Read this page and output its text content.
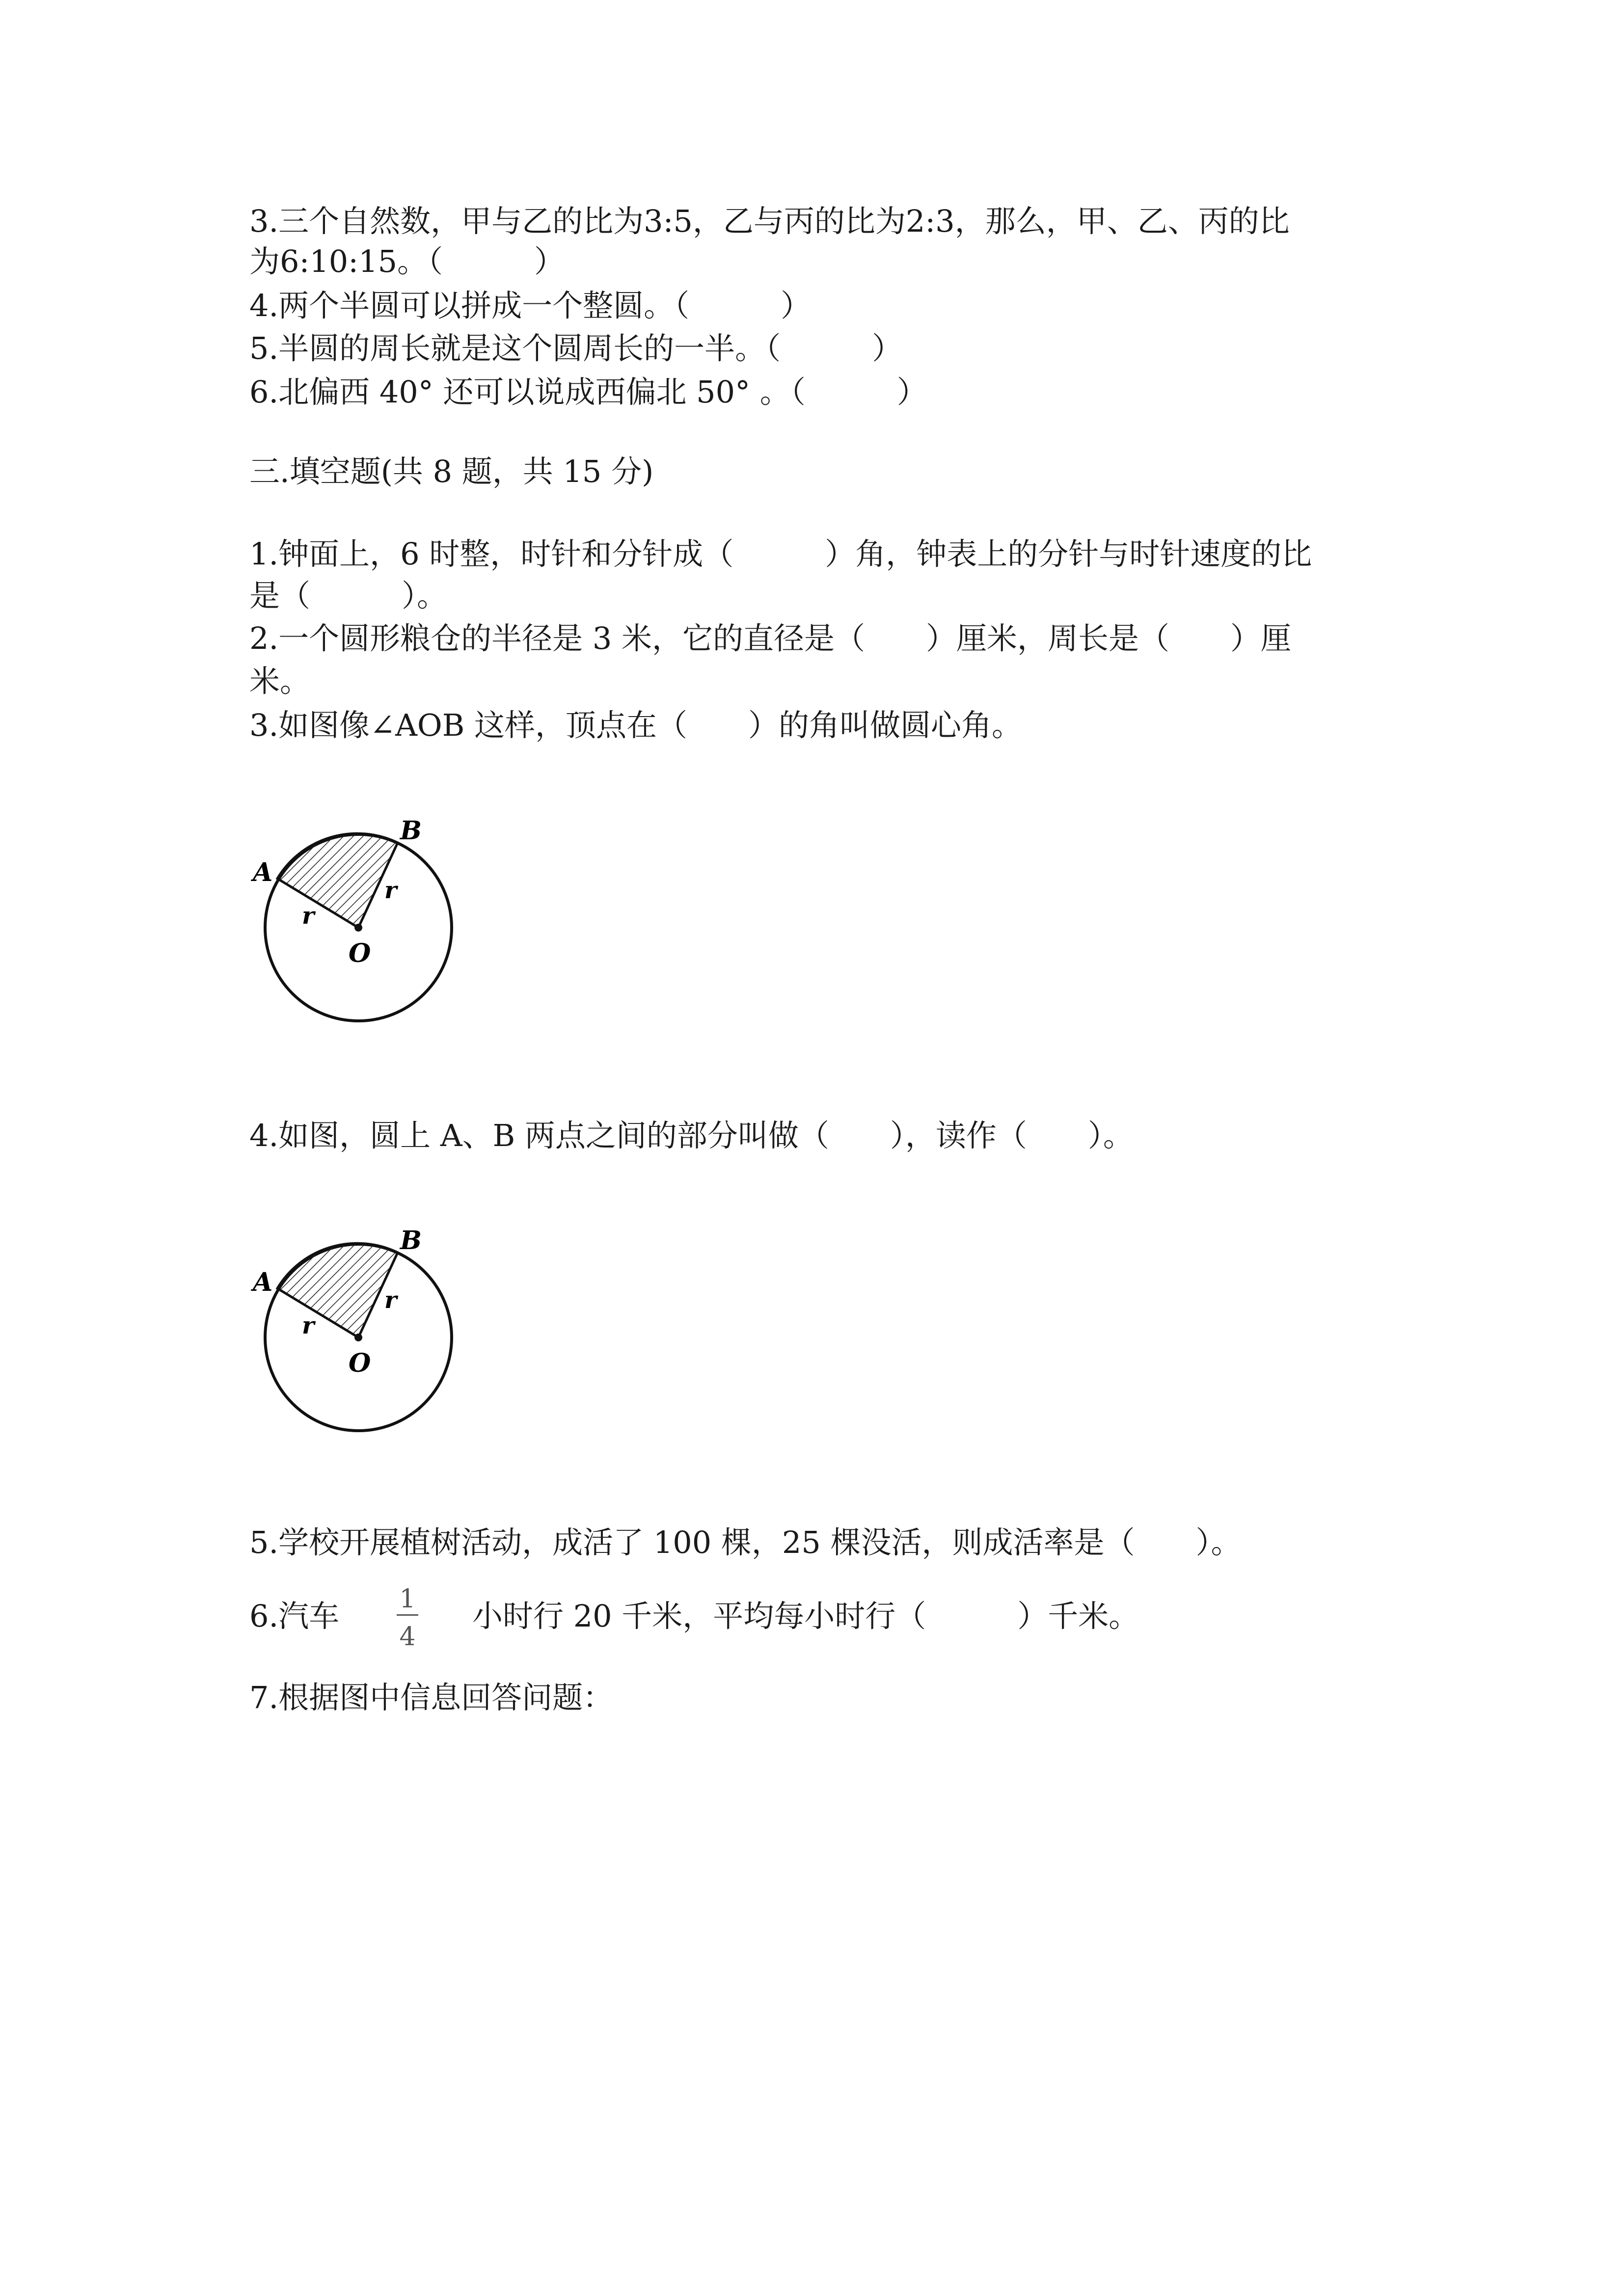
3.三个自然数，甲与乙的比为3:5，乙与丙的比为2:3，那么，甲、乙、丙的比
为6:10:15。（　　　）
4.两个半圆可以拼成一个整圆。（　　　）
5.半圆的周长就是这个圆周长的一半。（　　　）
6.北偏西 40° 还可以说成西偏北 50° 。（　　　）
三.填空题(共 8 题，共 15 分)
1.钟面上，6 时整，时针和分针成（　　　）角，钟表上的分针与时针速度的比
是（　　　）。
2.一个圆形粮仓的半径是 3 米，它的直径是（　　）厘米，周长是（　　）厘
米。
3.如图像∠AOB 这样，顶点在（　　）的角叫做圆心角。
A
B
O
r
r
4.如图，圆上 A、B 两点之间的部分叫做（　　），读作（　　）。
A
B
O
r
r
5.学校开展植树活动，成活了 100 棵，25 棵没活，则成活率是（　　）。
6.汽车 1
4
小时行 20 千米，平均每小时行（　　　）千米。
7.根据图中信息回答问题：
